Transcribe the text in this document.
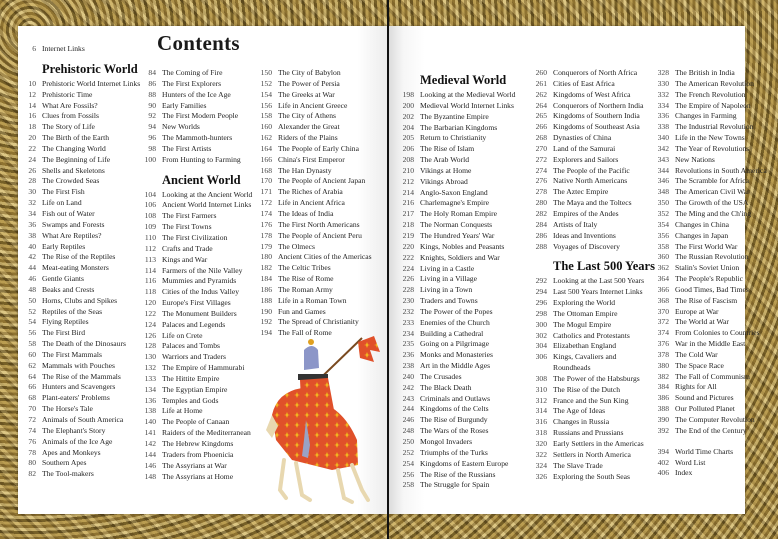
Contents
6 Internet Links
Prehistoric World
10 Prehistoric World Internet Links
12 Prehistoric Time
14 What Are Fossils?
16 Clues from Fossils
18 The Story of Life
20 The Birth of the Earth
22 The Changing World
24 The Beginning of Life
26 Shells and Skeletons
28 The Crowded Seas
30 The First Fish
32 Life on Land
34 Fish out of Water
36 Swamps and Forests
38 What Are Reptiles?
40 Early Reptiles
42 The Rise of the Reptiles
44 Meat-eating Monsters
46 Gentle Giants
48 Beaks and Crests
50 Horns, Clubs and Spikes
52 Reptiles of the Seas
54 Flying Reptiles
56 The First Bird
58 The Death of the Dinosaurs
60 The First Mammals
62 Mammals with Pouches
64 The Rise of the Mammals
66 Hunters and Scavengers
68 Plant-eaters' Problems
70 The Horse's Tale
72 Animals of South America
74 The Elephant's Story
76 Animals of the Ice Age
78 Apes and Monkeys
80 Southern Apes
82 The Tool-makers
84 The Coming of Fire
86 The First Explorers
88 Hunters of the Ice Age
90 Early Families
92 The First Modern People
94 New Worlds
96 The Mammoth-hunters
98 The First Artists
100 From Hunting to Farming
Ancient World
104 Looking at the Ancient World
106 Ancient World Internet Links
108 The First Farmers
109 The First Towns
110 The First Civilization
112 Crafts and Trade
113 Kings and War
114 Farmers of the Nile Valley
116 Mummies and Pyramids
118 Cities of the Indus Valley
120 Europe's First Villages
122 The Monument Builders
124 Palaces and Legends
126 Life on Crete
128 Palaces and Tombs
130 Warriors and Traders
132 The Empire of Hammurabi
133 The Hittite Empire
134 The Egyptian Empire
136 Temples and Gods
138 Life at Home
140 The People of Canaan
141 Raiders of the Mediterranean
142 The Hebrew Kingdoms
144 Traders from Phoenicia
146 The Assyrians at War
148 The Assyrians at Home
150 The City of Babylon
152 The Power of Persia
154 The Greeks at War
156 Life in Ancient Greece
158 The City of Athens
160 Alexander the Great
162 Riders of the Plains
164 The People of Early China
166 China's First Emperor
168 The Han Dynasty
170 The People of Ancient Japan
171 The Riches of Arabia
172 Life in Ancient Africa
174 The Ideas of India
176 The First North Americans
178 The People of Ancient Peru
179 The Olmecs
180 Ancient Cities of the Americas
182 The Celtic Tribes
184 The Rise of Rome
186 The Roman Army
188 Life in a Roman Town
190 Fun and Games
192 The Spread of Christianity
194 The Fall of Rome
Medieval World
198 Looking at the Medieval World
200 Medieval World Internet Links
202 The Byzantine Empire
204 The Barbarian Kingdoms
205 Return to Christianity
206 The Rise of Islam
208 The Arab World
210 Vikings at Home
212 Vikings Abroad
214 Anglo-Saxon England
216 Charlemagne's Empire
217 The Holy Roman Empire
218 The Norman Conquests
219 The Hundred Years' War
220 Kings, Nobles and Peasants
222 Knights, Soldiers and War
224 Living in a Castle
226 Living in a Village
228 Living in a Town
230 Traders and Towns
232 The Power of the Popes
233 Enemies of the Church
234 Building a Cathedral
235 Going on a Pilgrimage
236 Monks and Monasteries
238 Art in the Middle Ages
240 The Crusades
242 The Black Death
243 Criminals and Outlaws
244 Kingdoms of the Celts
246 The Rise of Burgundy
248 The Wars of the Roses
250 Mongol Invaders
252 Triumphs of the Turks
254 Kingdoms of Eastern Europe
256 The Rise of the Russians
258 The Struggle for Spain
260 Conquerors of North Africa
261 Cities of East Africa
262 Kingdoms of West Africa
264 Conquerors of Northern India
265 Kingdoms of Southern India
266 Kingdoms of Southeast Asia
268 Dynasties of China
270 Land of the Samurai
272 Explorers and Sailors
274 The People of the Pacific
276 Native North Americans
278 The Aztec Empire
280 The Maya and the Toltecs
282 Empires of the Andes
284 Artists of Italy
286 Ideas and Inventions
288 Voyages of Discovery
The Last 500 Years
292 Looking at the Last 500 Years
294 Last 500 Years Internet Links
296 Exploring the World
298 The Ottoman Empire
300 The Mogul Empire
302 Catholics and Protestants
304 Elizabethan England
306 Kings, Cavaliers and Roundheads
308 The Power of the Habsburgs
310 The Rise of the Dutch
312 France and the Sun King
314 The Age of Ideas
316 Changes in Russia
318 Russians and Prussians
320 Early Settlers in the Americas
322 Settlers in North America
324 The Slave Trade
326 Exploring the South Seas
328 The British in India
330 The American Revolution
332 The French Revolution
334 The Empire of Napoleon
336 Changes in Farming
338 The Industrial Revolution
340 Life in the New Towns
342 The Year of Revolutions
343 New Nations
344 Revolutions in South America
346 The Scramble for Africa
348 The American Civil War
350 The Growth of the USA
352 The Ming and the Ch'ing
354 Changes in China
356 Changes in Japan
358 The First World War
360 The Russian Revolution
362 Stalin's Soviet Union
364 The People's Republic
366 Good Times, Bad Times
368 The Rise of Fascism
370 Europe at War
372 The World at War
374 From Colonies to Countries
376 War in the Middle East
378 The Cold War
380 The Space Race
382 The Fall of Communism
384 Rights for All
386 Sound and Pictures
388 Our Polluted Planet
390 The Computer Revolution
392 The End of the Century
394 World Time Charts
402 Word List
406 Index
